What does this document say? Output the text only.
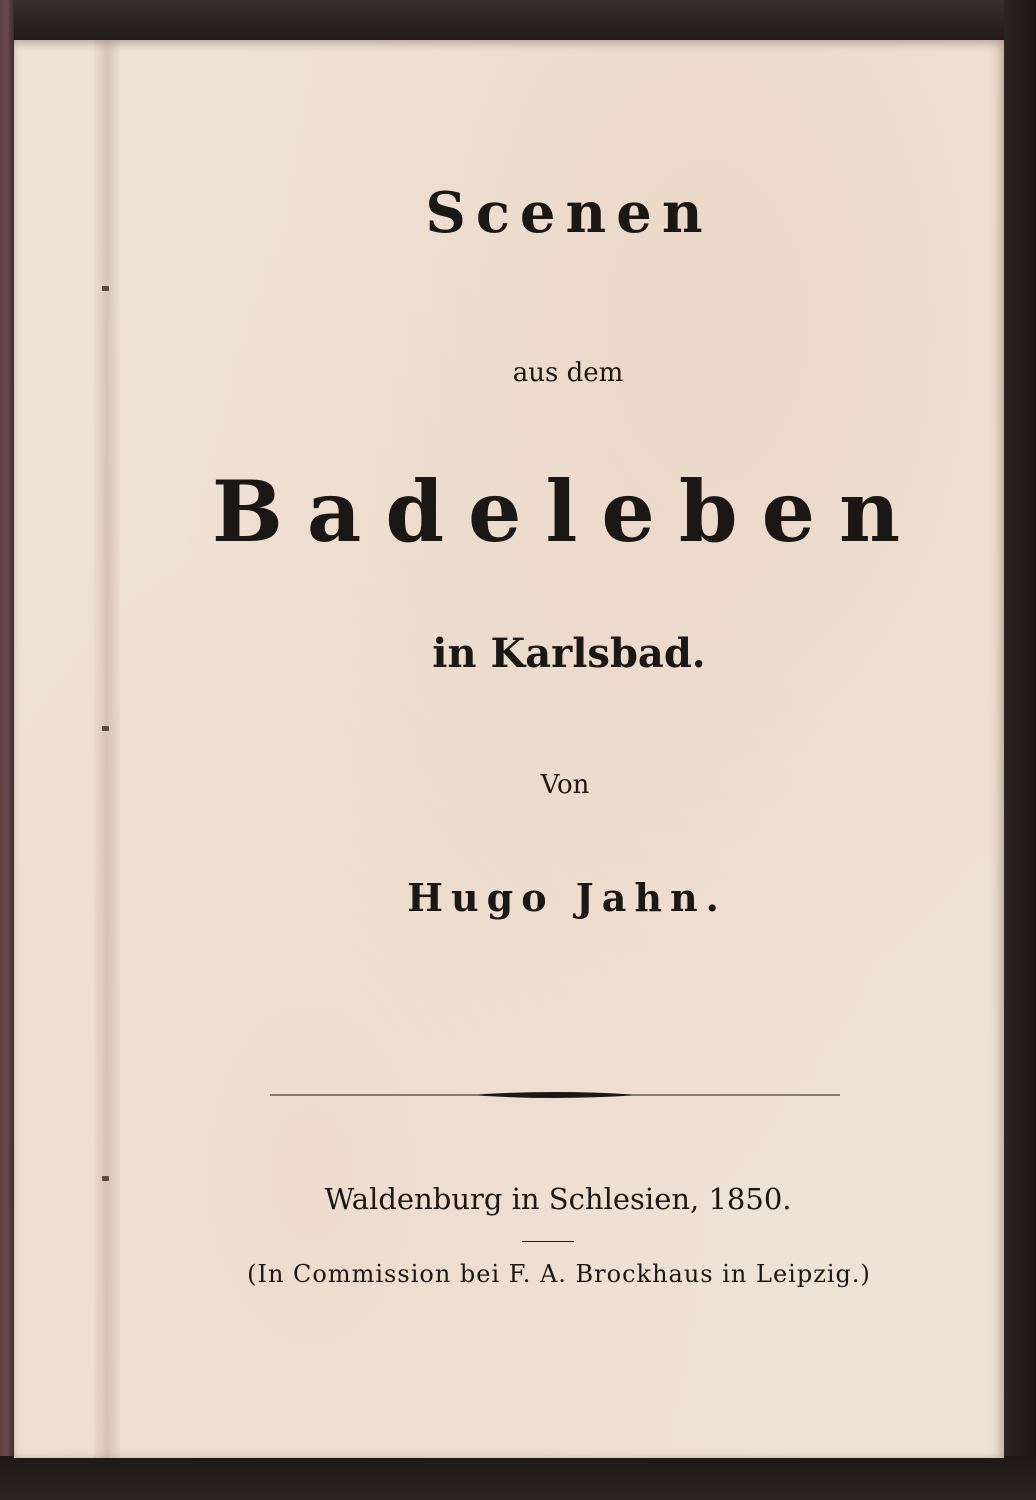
Scenen
aus dem
Badeleben
in Karlsbad.
Von
Hugo Jahn.
Waldenburg in Schlesien, 1850.
(In Commission bei F. A. Brockhaus in Leipzig.)
